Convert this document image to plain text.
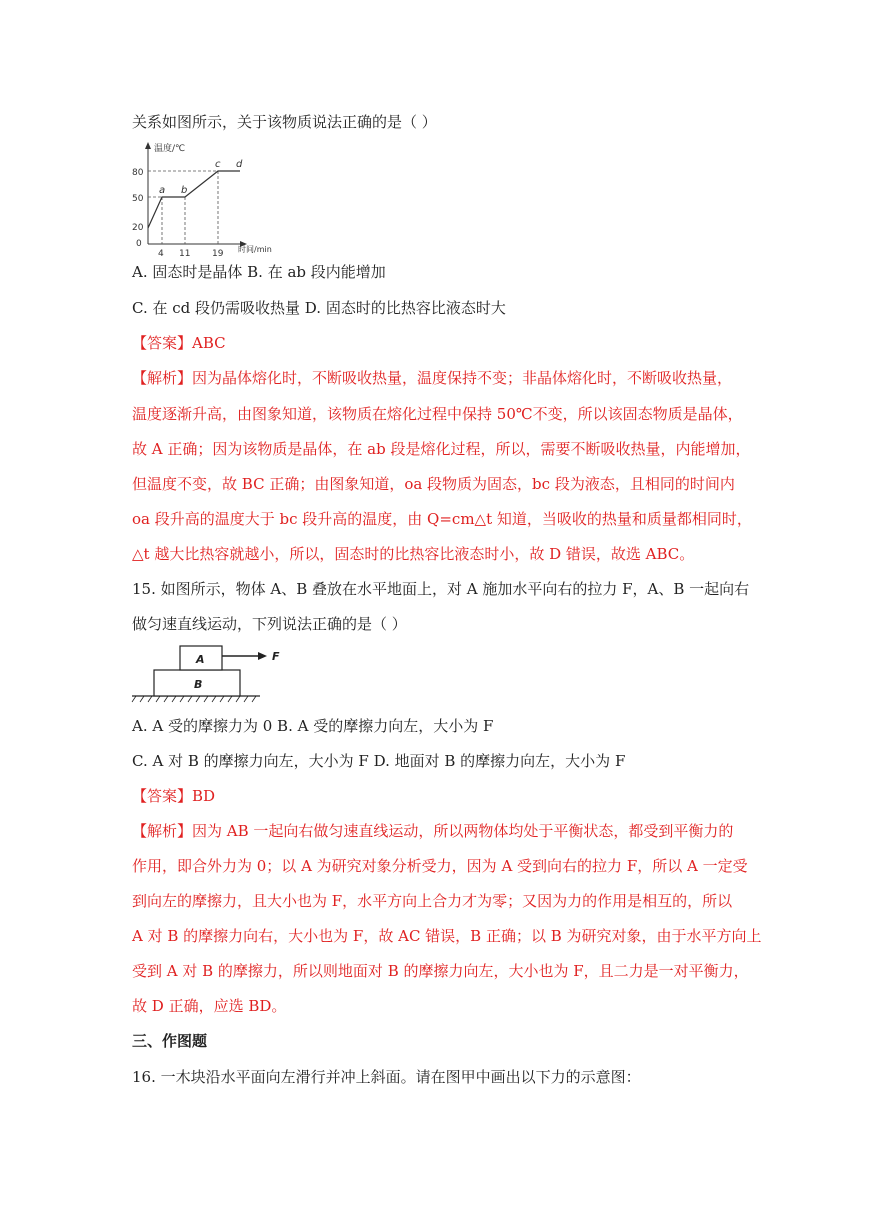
关系如图所示，关于该物质说法正确的是（ ）
温度/℃
时间/min
80
50
20
0
4 11 19
a b
c d
A. 固态时是晶体 B. 在 ab 段内能增加
C. 在 cd 段仍需吸收热量 D. 固态时的比热容比液态时大
【答案】ABC
【解析】因为晶体熔化时，不断吸收热量，温度保持不变；非晶体熔化时，不断吸收热量，
温度逐渐升高，由图象知道，该物质在熔化过程中保持 50℃不变，所以该固态物质是晶体，
故 A 正确；因为该物质是晶体，在 ab 段是熔化过程，所以，需要不断吸收热量，内能增加，
但温度不变，故 BC 正确；由图象知道，oa 段物质为固态，bc 段为液态，且相同的时间内
oa 段升高的温度大于 bc 段升高的温度，由 Q=cm△t 知道，当吸收的热量和质量都相同时，
△t 越大比热容就越小，所以，固态时的比热容比液态时小，故 D 错误，故选 ABC。
15. 如图所示，物体 A、B 叠放在水平地面上，对 A 施加水平向右的拉力 F，A、B 一起向右
做匀速直线运动，下列说法正确的是（ ）
B
A	F
A. A 受的摩擦力为 0 B. A 受的摩擦力向左，大小为 F
C. A 对 B 的摩擦力向左，大小为 F D. 地面对 B 的摩擦力向左，大小为 F
【答案】BD
【解析】因为 AB 一起向右做匀速直线运动，所以两物体均处于平衡状态，都受到平衡力的
作用，即合外力为 0；以 A 为研究对象分析受力，因为 A 受到向右的拉力 F，所以 A 一定受
到向左的摩擦力，且大小也为 F，水平方向上合力才为零；又因为力的作用是相互的，所以
A 对 B 的摩擦力向右，大小也为 F，故 AC 错误，B 正确；以 B 为研究对象，由于水平方向上
受到 A 对 B 的摩擦力，所以则地面对 B 的摩擦力向左，大小也为 F，且二力是一对平衡力，
故 D 正确，应选 BD。
三、作图题
16. 一木块沿水平面向左滑行并冲上斜面。请在图甲中画出以下力的示意图：
